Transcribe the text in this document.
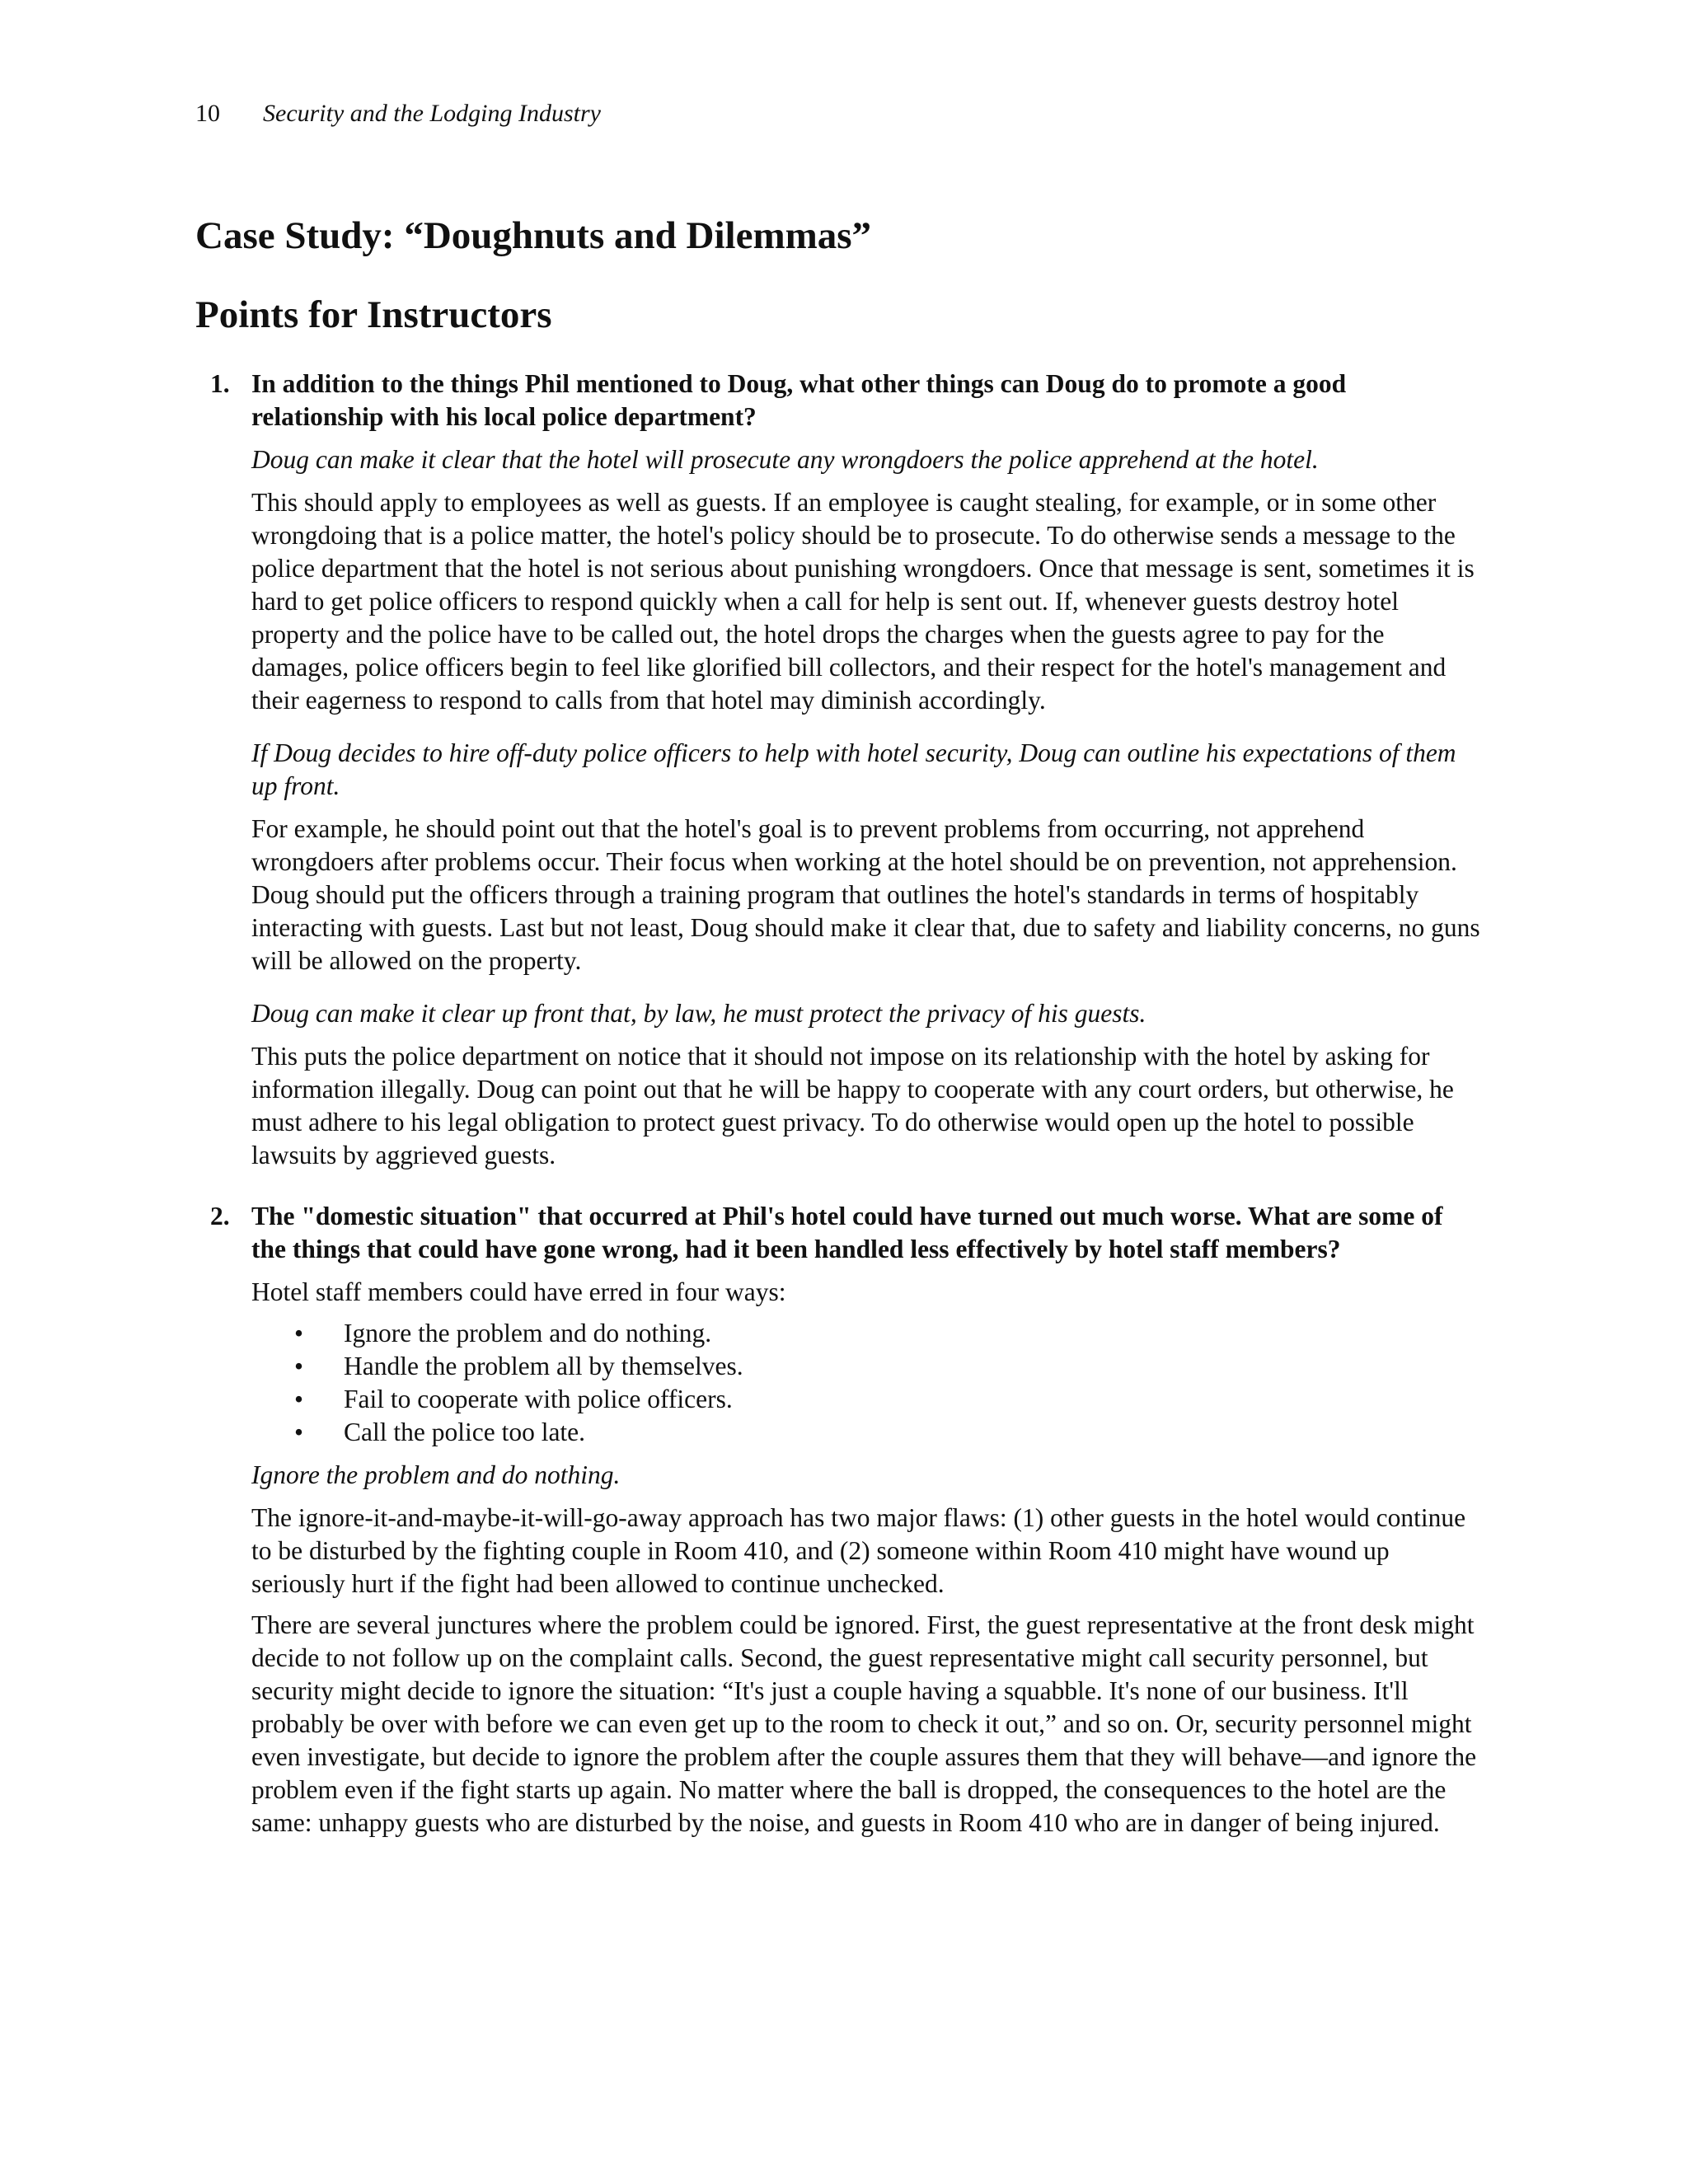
10 Security and the Lodging Industry
Case Study: “Doughnuts and Dilemmas”
Points for Instructors
1. In addition to the things Phil mentioned to Doug, what other things can Doug do to promote a good relationship with his local police department?

Doug can make it clear that the hotel will prosecute any wrongdoers the police apprehend at the hotel.

This should apply to employees as well as guests. If an employee is caught stealing, for example, or in some other wrongdoing that is a police matter, the hotel's policy should be to prosecute. To do otherwise sends a message to the police department that the hotel is not serious about punishing wrongdoers. Once that message is sent, sometimes it is hard to get police officers to respond quickly when a call for help is sent out. If, whenever guests destroy hotel property and the police have to be called out, the hotel drops the charges when the guests agree to pay for the damages, police officers begin to feel like glorified bill collectors, and their respect for the hotel's management and their eagerness to respond to calls from that hotel may diminish accordingly.

If Doug decides to hire off-duty police officers to help with hotel security, Doug can outline his expectations of them up front.

For example, he should point out that the hotel's goal is to prevent problems from occurring, not apprehend wrongdoers after problems occur. Their focus when working at the hotel should be on prevention, not apprehension. Doug should put the officers through a training program that outlines the hotel's standards in terms of hospitably interacting with guests. Last but not least, Doug should make it clear that, due to safety and liability concerns, no guns will be allowed on the property.

Doug can make it clear up front that, by law, he must protect the privacy of his guests.

This puts the police department on notice that it should not impose on its relationship with the hotel by asking for information illegally. Doug can point out that he will be happy to cooperate with any court orders, but otherwise, he must adhere to his legal obligation to protect guest privacy. To do otherwise would open up the hotel to possible lawsuits by aggrieved guests.

2. The "domestic situation" that occurred at Phil's hotel could have turned out much worse. What are some of the things that could have gone wrong, had it been handled less effectively by hotel staff members?

Hotel staff members could have erred in four ways:

•	Ignore the problem and do nothing.
•	Handle the problem all by themselves.
•	Fail to cooperate with police officers.
•	Call the police too late.

Ignore the problem and do nothing.

The ignore-it-and-maybe-it-will-go-away approach has two major flaws: (1) other guests in the hotel would continue to be disturbed by the fighting couple in Room 410, and (2) someone within Room 410 might have wound up seriously hurt if the fight had been allowed to continue unchecked.

There are several junctures where the problem could be ignored. First, the guest representative at the front desk might decide to not follow up on the complaint calls. Second, the guest representative might call security personnel, but security might decide to ignore the situation: “It's just a couple having a squabble. It's none of our business. It'll probably be over with before we can even get up to the room to check it out,” and so on. Or, security personnel might even investigate, but decide to ignore the problem after the couple assures them that they will behave—and ignore the problem even if the fight starts up again. No matter where the ball is dropped, the consequences to the hotel are the same: unhappy guests who are disturbed by the noise, and guests in Room 410 who are in danger of being injured.
